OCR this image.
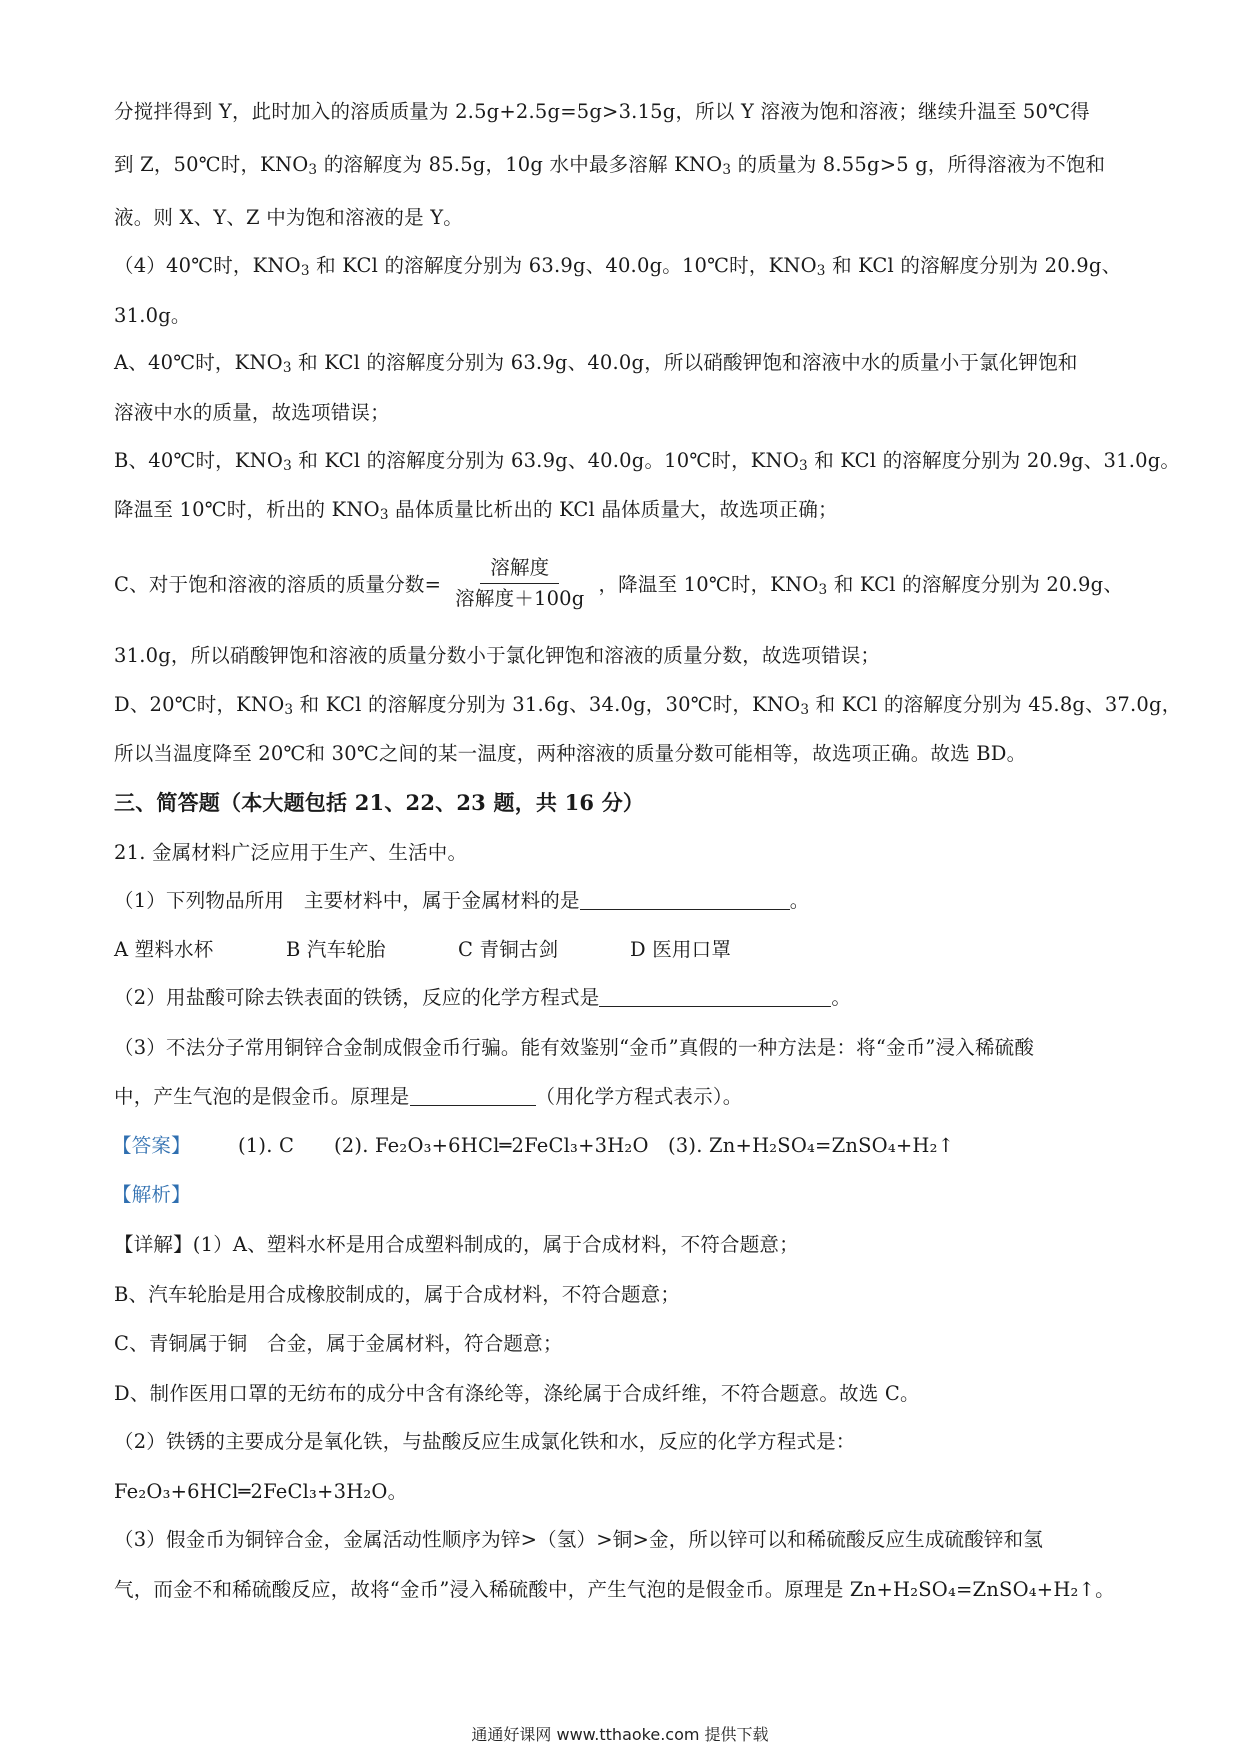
分搅拌得到 Y，此时加入的溶质质量为 2.5g+2.5g=5g>3.15g，所以 Y 溶液为饱和溶液；继续升温至 50℃得
到 Z，50℃时，$KNO_3$ 的溶解度为 85.5g，10g 水中最多溶解 $KNO_3$ 的质量为 8.55g>5 g，所得溶液为不饱和
液。则 X、Y、Z 中为饱和溶液的是 Y。
（4）40℃时，$KNO_3$ 和 KCl 的溶解度分别为 63.9g、40.0g。10℃时，$KNO_3$ 和 KCl 的溶解度分别为 20.9g、
31.0g。
A、40℃时，$KNO_3$ 和 KCl 的溶解度分别为 63.9g、40.0g，所以硝酸钾饱和溶液中水的质量小于氯化钾饱和
溶液中水的质量，故选项错误；
B、40℃时，$KNO_3$ 和 KCl 的溶解度分别为 63.9g、40.0g。10℃时，$KNO_3$ 和 KCl 的溶解度分别为 20.9g、31.0g。
降温至 10℃时，析出的 $KNO_3$ 晶体质量比析出的 KCl 晶体质量大，故选项正确；
C、对于饱和溶液的溶质的质量分数= $\frac{\text{溶解度}}{\text{溶解度＋100g}}$ ，降温至 10℃时，$KNO_3$ 和 KCl 的溶解度分别为 20.9g、
31.0g，所以硝酸钾饱和溶液的质量分数小于氯化钾饱和溶液的质量分数，故选项错误；
D、20℃时，$KNO_3$ 和 KCl 的溶解度分别为 31.6g、34.0g，30℃时，$KNO_3$ 和 KCl 的溶解度分别为 45.8g、37.0g，
所以当温度降至 20℃和 30℃之间的某一温度，两种溶液的质量分数可能相等，故选项正确。故选 BD。
三、简答题（本大题包括 21、22、23 题，共 16 分）
21. 金属材料广泛应用于生产、生活中。
（1）下列物品所用　主要材料中，属于金属材料的是	。
A 塑料水杯	B 汽车轮胎	C 青铜古剑	D 医用口罩
（2）用盐酸可除去铁表面的铁锈，反应的化学方程式是	。
（3）不法分子常用铜锌合金制成假金币行骗。能有效鉴别“金币”真假的一种方法是：将“金币”浸入稀硫酸
中，产生气泡的是假金币。原理是	（用化学方程式表示）。
【答案】 (1). C (2). Fe₂O₃+6HCl═2FeCl₃+3H₂O (3). Zn+H₂SO₄=ZnSO₄+H₂↑
【解析】
【详解】(1）A、塑料水杯是用合成塑料制成的，属于合成材料，不符合题意；
B、汽车轮胎是用合成橡胶制成的，属于合成材料，不符合题意；
C、青铜属于铜　合金，属于金属材料，符合题意；
D、制作医用口罩的无纺布的成分中含有涤纶等，涤纶属于合成纤维，不符合题意。故选 C。
（2）铁锈的主要成分是氧化铁，与盐酸反应生成氯化铁和水，反应的化学方程式是：
Fe₂O₃+6HCl═2FeCl₃+3H₂O。
（3）假金币为铜锌合金，金属活动性顺序为锌>（氢）>铜>金，所以锌可以和稀硫酸反应生成硫酸锌和氢
气，而金不和稀硫酸反应，故将“金币”浸入稀硫酸中，产生气泡的是假金币。原理是 Zn+H₂SO₄=ZnSO₄+H₂↑。
通通好课网 www.tthaoke.com 提供下载
